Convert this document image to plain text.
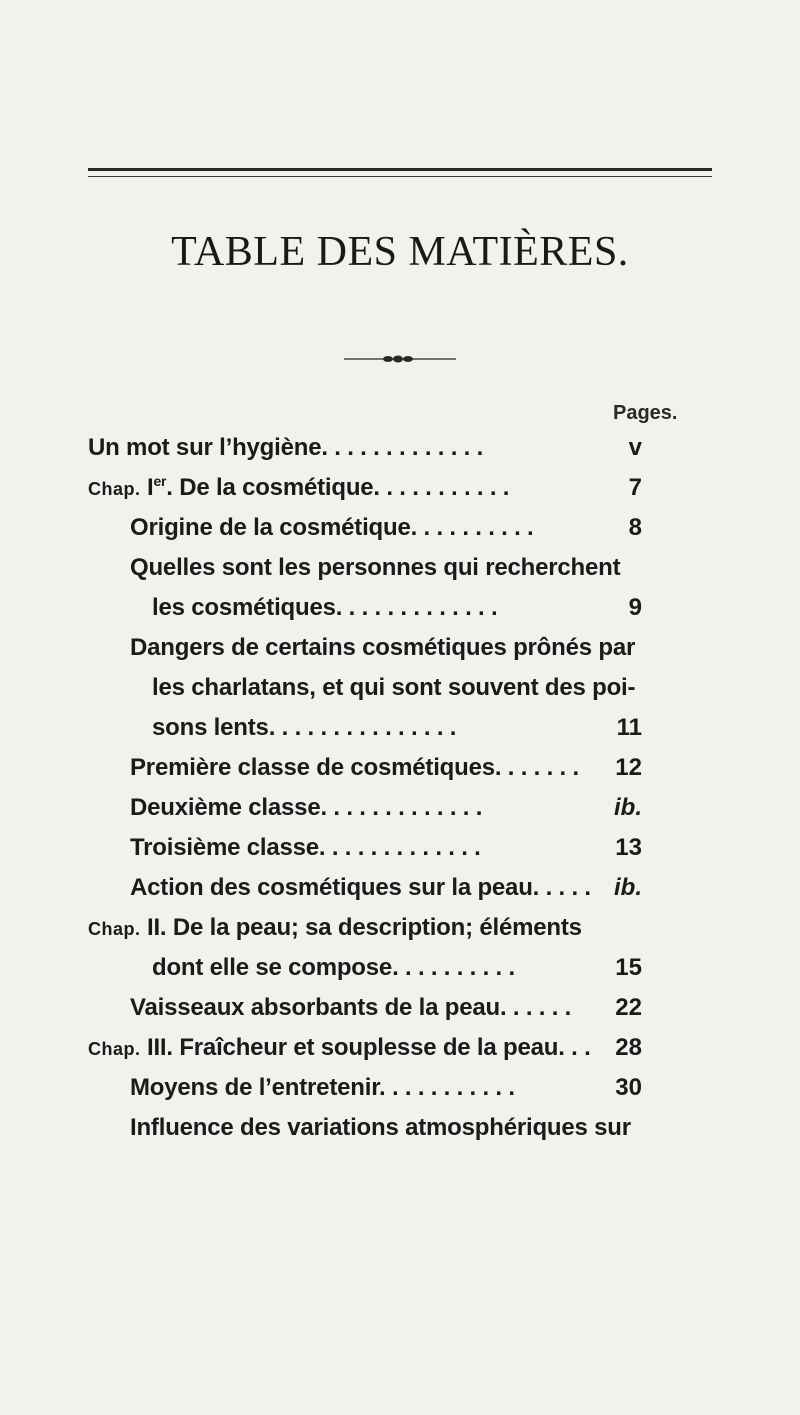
TABLE DES MATIÈRES.
Pages.
Un mot sur l’hygiène. . . . . . . . . . . . .	v
Chap. Ier. De la cosmétique. . . . . . . . . . .	7
Origine de la cosmétique. . . . . . . . . .	8
Quelles sont les personnes qui recherchent
les cosmétiques. . . . . . . . . . . . .	9
Dangers de certains cosmétiques prônés par
les charlatans, et qui sont souvent des poi-
sons lents. . . . . . . . . . . . . . .	11
Première classe de cosmétiques. . . . . . .	12
Deuxième classe. . . . . . . . . . . . .	ib.
Troisième classe. . . . . . . . . . . . .	13
Action des cosmétiques sur la peau. . . . . ib.
Chap. II. De la peau; sa description; éléments
dont elle se compose. . . . . . . . . .	15
Vaisseaux absorbants de la peau. . . . . .	22
Chap. III. Fraîcheur et souplesse de la peau. . .	28
Moyens de l’entretenir. . . . . . . . . . .	30
Influence des variations atmosphériques sur
